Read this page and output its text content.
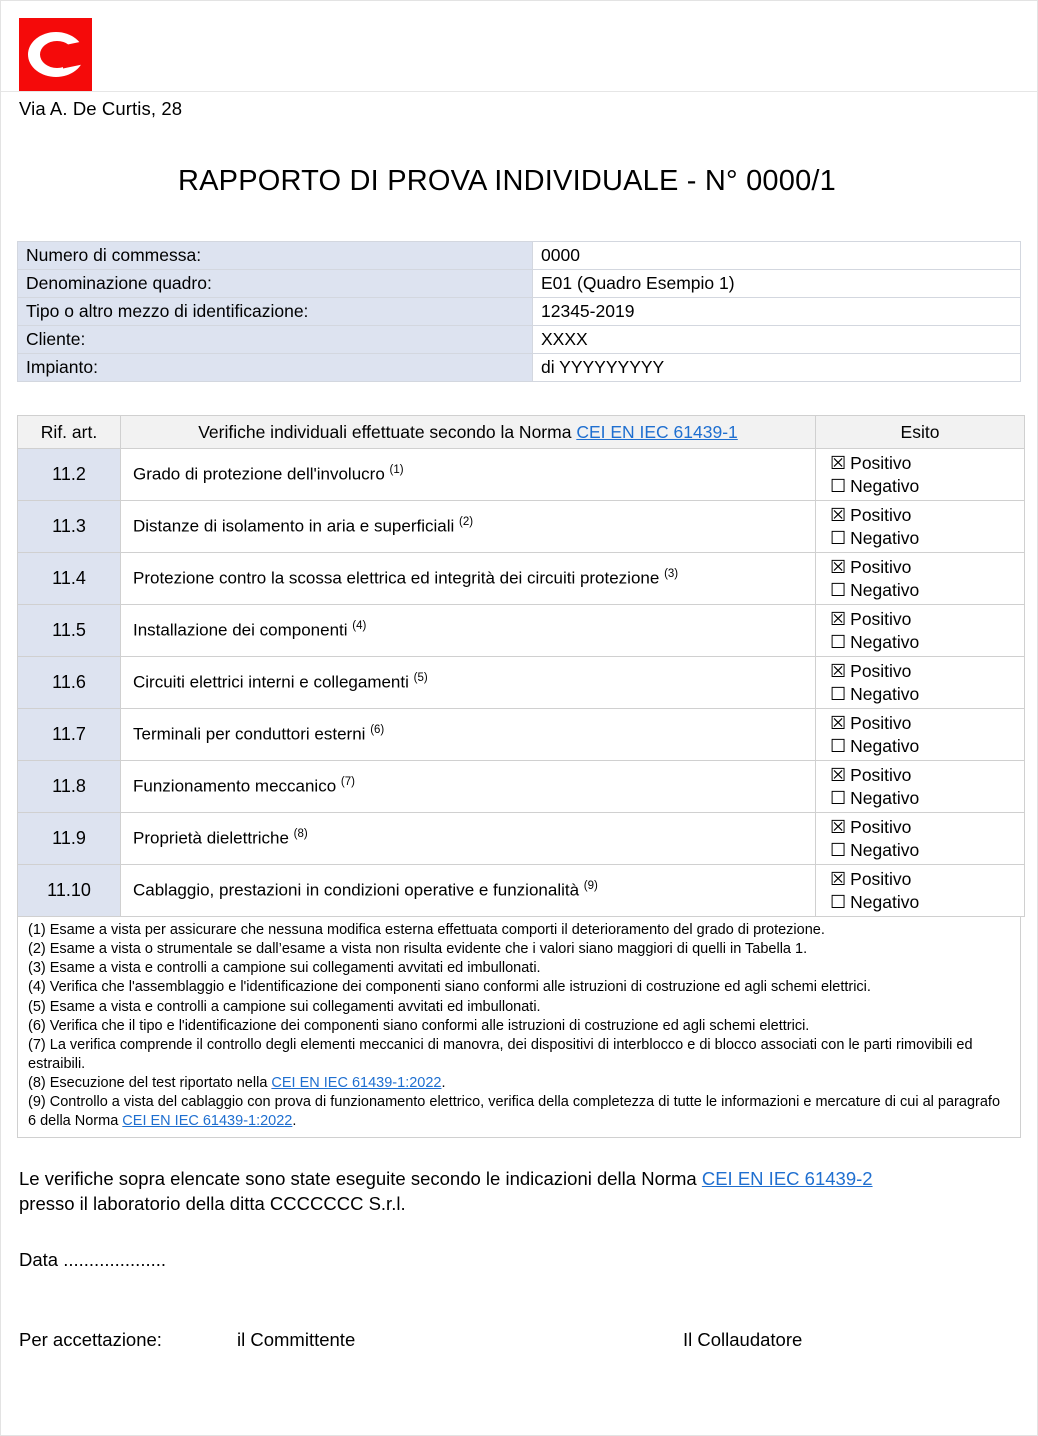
Via A. De Curtis, 28
RAPPORTO DI PROVA INDIVIDUALE - N° 0000/1
Numero di commessa:	0000
Denominazione quadro:	E01 (Quadro Esempio 1)
Tipo o altro mezzo di identificazione:	12345-2019
Cliente:	XXXX
Impianto:	di YYYYYYYYY
Rif. art.	Verifiche individuali effettuate secondo la Norma CEI EN IEC 61439-1	Esito
11.2	Grado di protezione dell'involucro $^{(1)}$	☒ Positivo
☐ Negativo

11.3	Distanze di isolamento in aria e superficiali $^{(2)}$	☒ Positivo
☐ Negativo

11.4	Protezione contro la scossa elettrica ed integrità dei circuiti protezione $^{(3)}$	☒ Positivo
☐ Negativo

11.5	Installazione dei componenti $^{(4)}$	☒ Positivo
☐ Negativo

11.6	Circuiti elettrici interni e collegamenti $^{(5)}$	☒ Positivo
☐ Negativo

11.7	Terminali per conduttori esterni $^{(6)}$	☒ Positivo
☐ Negativo

11.8	Funzionamento meccanico $^{(7)}$	☒ Positivo
☐ Negativo

11.9	Proprietà dielettriche $^{(8)}$	☒ Positivo
☐ Negativo

11.10	Cablaggio, prestazioni in condizioni operative e funzionalità $^{(9)}$	☒ Positivo
☐ Negativo

(1) Esame a vista per assicurare che nessuna modifica esterna effettuata comporti il deterioramento del grado di protezione.

(2) Esame a vista o strumentale se dall’esame a vista non risulta evidente che i valori siano maggiori di quelli in Tabella 1.

(3) Esame a vista e controlli a campione sui collegamenti avvitati ed imbullonati.

(4) Verifica che l'assemblaggio e l'identificazione dei componenti siano conformi alle istruzioni di costruzione ed agli schemi elettrici.

(5) Esame a vista e controlli a campione sui collegamenti avvitati ed imbullonati.

(6) Verifica che il tipo e l'identificazione dei componenti siano conformi alle istruzioni di costruzione ed agli schemi elettrici.

(7) La verifica comprende il controllo degli elementi meccanici di manovra, dei dispositivi di interblocco e di blocco associati con le parti rimovibili ed estraibili.

(8) Esecuzione del test riportato nella CEI EN IEC 61439-1:2022.

(9) Controllo a vista del cablaggio con prova di funzionamento elettrico, verifica della completezza di tutte le informazioni e mercature di cui al paragrafo 6 della Norma CEI EN IEC 61439-1:2022.

Le verifiche sopra elencate sono state eseguite secondo le indicazioni della Norma CEI EN IEC 61439-2
presso il laboratorio della ditta CCCCCCC S.r.l.
Data ....................
Per accettazione:	il Committente	Il Collaudatore
